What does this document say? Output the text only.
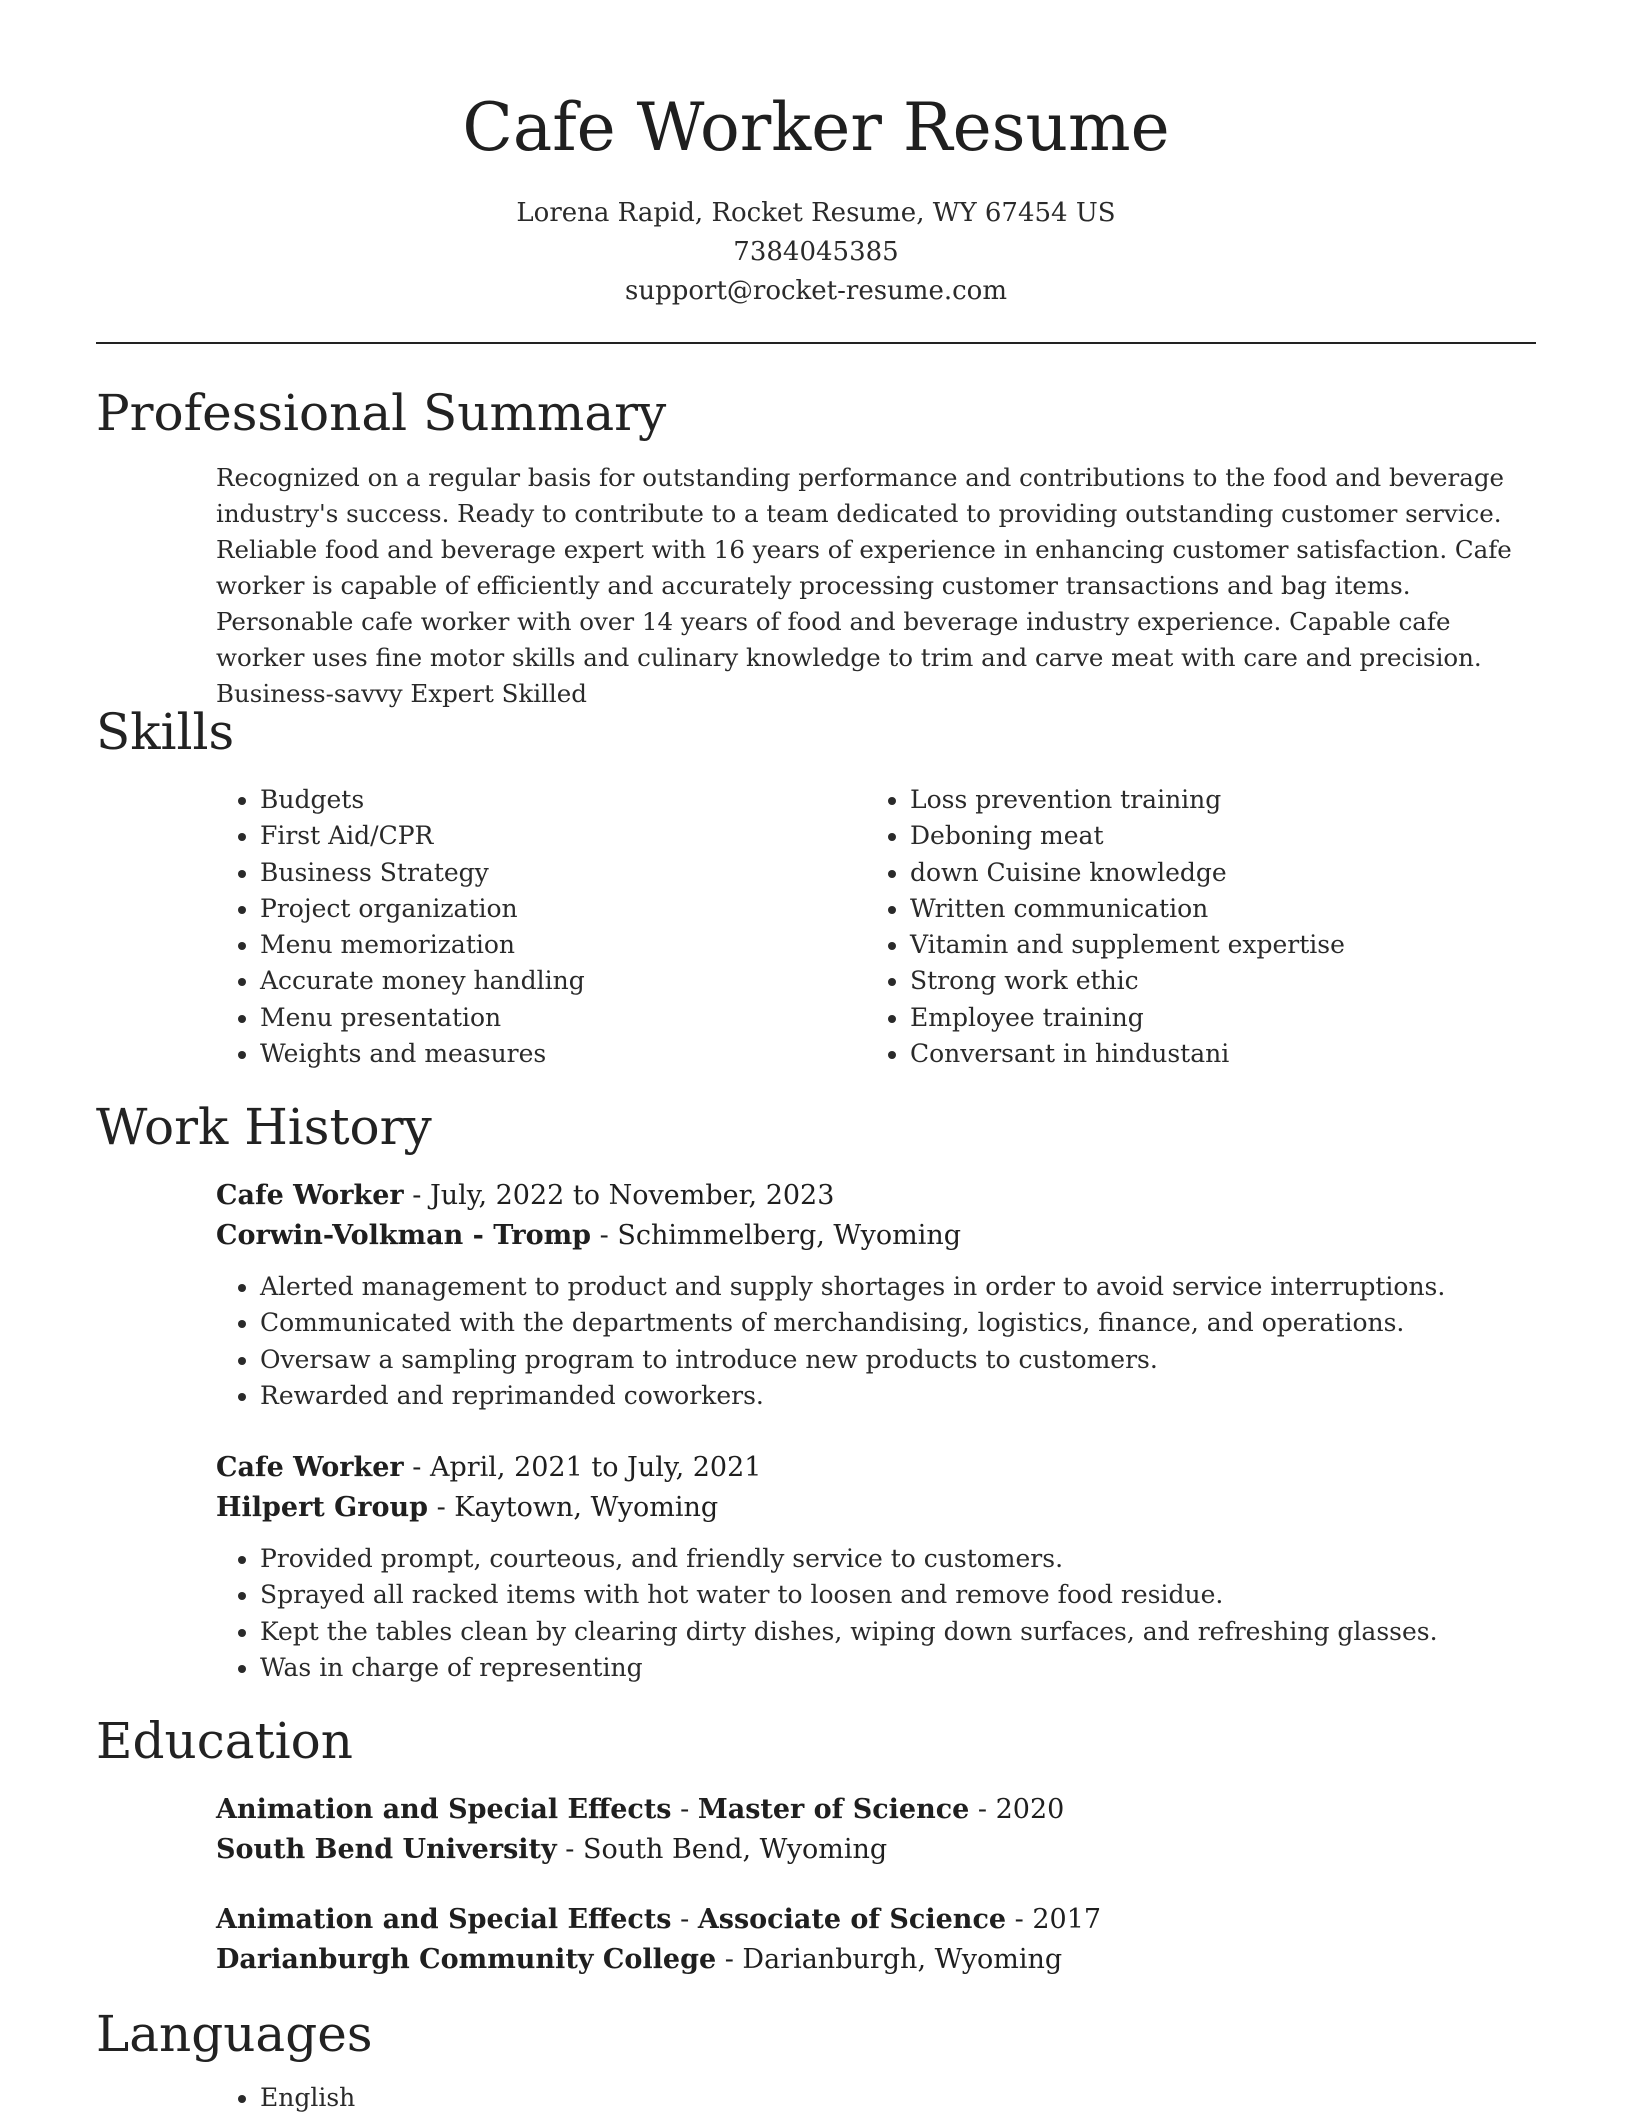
Cafe Worker Resume
Lorena Rapid, Rocket Resume, WY 67454 US
7384045385
support@rocket-resume.com
Professional Summary

Recognized on a regular basis for outstanding performance and contributions to the food and beverage industry's success. Ready to contribute to a team dedicated to providing outstanding customer service. Reliable food and beverage expert with 16 years of experience in enhancing customer satisfaction. Cafe worker is capable of efficiently and accurately processing customer transactions and bag items. Personable cafe worker with over 14 years of food and beverage industry experience. Capable cafe worker uses fine motor skills and culinary knowledge to trim and carve meat with care and precision. Business-savvy Expert Skilled

Skills
• Budgets
• First Aid/CPR
• Business Strategy
• Project organization
• Menu memorization
• Accurate money handling
• Menu presentation
• Weights and measures
• Loss prevention training
• Deboning meat
• down Cuisine knowledge
• Written communication
• Vitamin and supplement expertise
• Strong work ethic
• Employee training
• Conversant in hindustani
Work History
Cafe Worker - July, 2022 to November, 2023
Corwin-Volkman - Tromp - Schimmelberg, Wyoming
• Alerted management to product and supply shortages in order to avoid service interruptions.
• Communicated with the departments of merchandising, logistics, finance, and operations.
• Oversaw a sampling program to introduce new products to customers.
• Rewarded and reprimanded coworkers.
Cafe Worker - April, 2021 to July, 2021
Hilpert Group - Kaytown, Wyoming
• Provided prompt, courteous, and friendly service to customers.
• Sprayed all racked items with hot water to loosen and remove food residue.
• Kept the tables clean by clearing dirty dishes, wiping down surfaces, and refreshing glasses.
• Was in charge of representing
Education
Animation and Special Effects - Master of Science - 2020
South Bend University - South Bend, Wyoming
Animation and Special Effects - Associate of Science - 2017
Darianburgh Community College - Darianburgh, Wyoming
Languages
• English
